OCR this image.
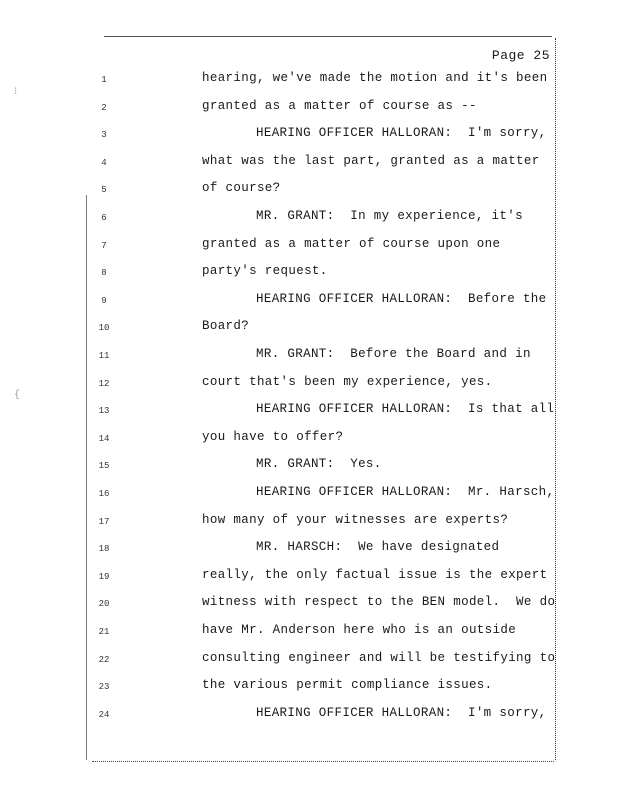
⁝
{
Page 25
1	hearing, we've made the motion and it's been
2	granted as a matter of course as --
3	HEARING OFFICER HALLORAN:  I'm sorry,
4	what was the last part, granted as a matter
5	of course?
6	MR. GRANT:  In my experience, it's
7	granted as a matter of course upon one
8	party's request.
9	HEARING OFFICER HALLORAN:  Before the
10	Board?
11	MR. GRANT:  Before the Board and in
12	court that's been my experience, yes.
13	HEARING OFFICER HALLORAN:  Is that all
14	you have to offer?
15	MR. GRANT:  Yes.
16	HEARING OFFICER HALLORAN:  Mr. Harsch,
17	how many of your witnesses are experts?
18	MR. HARSCH:  We have designated
19	really, the only factual issue is the expert
20	witness with respect to the BEN model.  We do
21	have Mr. Anderson here who is an outside
22	consulting engineer and will be testifying to
23	the various permit compliance issues.
24	HEARING OFFICER HALLORAN:  I'm sorry,
